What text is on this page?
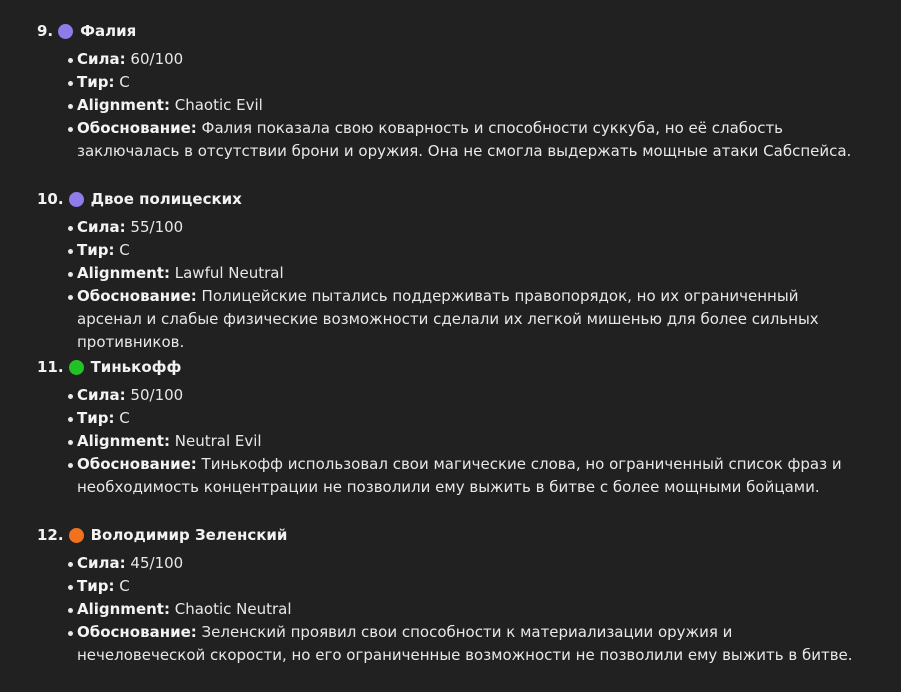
9. Фалия
Сила: 60/100
Тир: C
Alignment: Chaotic Evil
Обоснование: Фалия показала свою коварность и способности суккуба, но её слабость заключалась в отсутствии брони и оружия. Она не смогла выдержать мощные атаки Сабспейса.
10. Двое полицеских
Сила: 55/100
Тир: C
Alignment: Lawful Neutral
Обоснование: Полицейские пытались поддерживать правопорядок, но их ограниченный арсенал и слабые физические возможности сделали их легкой мишенью для более сильных противников.
11. Тинькофф
Сила: 50/100
Тир: C
Alignment: Neutral Evil
Обоснование: Тинькофф использовал свои магические слова, но ограниченный список фраз и необходимость концентрации не позволили ему выжить в битве с более мощными бойцами.
12. Володимир Зеленский
Сила: 45/100
Тир: C
Alignment: Chaotic Neutral
Обоснование: Зеленский проявил свои способности к материализации оружия и нечеловеческой скорости, но его ограниченные возможности не позволили ему выжить в битве.
